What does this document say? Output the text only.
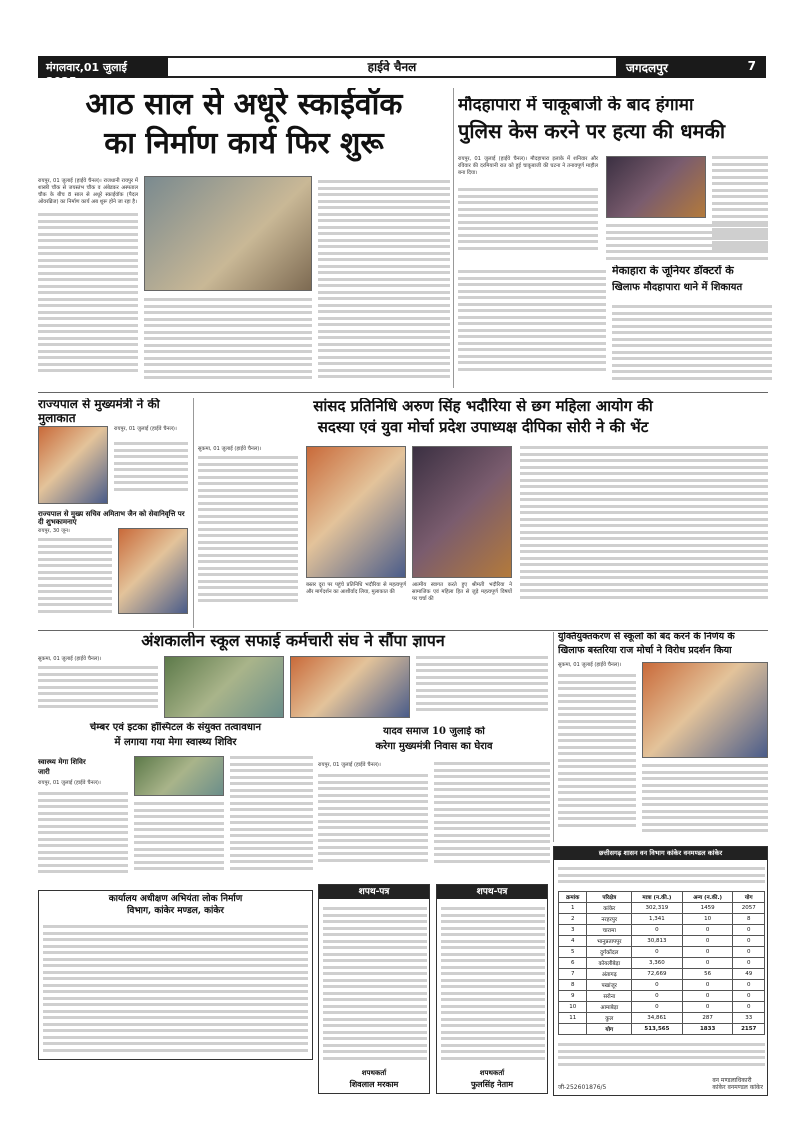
मंगलवार,01 जुलाई 2025
हाईवे चैनल	जगदलपुर	7
आठ साल से अधूरे स्काईवॉक
का निर्माण कार्य फिर शुरू
रायपुर, 01 जुलाई (हाईवे चैनल)। राजधानी रायपुर में शास्त्री चौक से जयस्तंभ चौक व अंबेडकर अस्पताल चौक के बीच 8 साल से अधूरे स्काईवॉक (पैदल ओवरब्रिज) का निर्माण कार्य अब शुरू होने जा रहा है।
मौदहापारा में चाकूबाजी के बाद हंगामा
पुलिस केस करने पर हत्या की धमकी
रायपुर, 01 जुलाई (हाईवे चैनल)। मौदहापारा इलाके में शनिवार और रविवार की दरमियानी रात को हुई चाकूबाजी की घटना ने तनावपूर्ण माहौल बना दिया।
मेकाहारा के जूनियर डॉक्टरों के
खिलाफ मौदहापारा थाने में शिकायत
राज्यपाल से मुख्यमंत्री ने की मुलाकात
रायपुर, 01 जुलाई (हाईवे चैनल)।
राज्यपाल से मुख्य सचिव अमिताभ जैन को सेवानिवृत्ति पर दी शुभकामनाएं
रायपुर, 30 जून।
सांसद प्रतिनिधि अरुण सिंह भदौरिया से छग महिला आयोग की
सदस्या एवं युवा मोर्चा प्रदेश उपाध्यक्ष दीपिका सोरी ने की भेंट
सुकमा, 01 जुलाई (हाईवे चैनल)।
बस्तर दूरा पर पहुंचे प्रतिनिधि भदौरिया से महत्वपूर्ण और मार्गदर्शन का आशीर्वाद लिया, मुलाकात की
आत्मीय स्वागत करते हुए श्रीमती भदौरिया ने सामाजिक एवं महिला हित से जुड़े महत्वपूर्ण विषयों पर चर्चा की
अंशकालीन स्कूल सफाई कर्मचारी संघ ने सौंपा ज्ञापन
सुकमा, 01 जुलाई (हाईवे चैनल)।
युक्तियुक्तकरण से स्कूलों को बंद करने के निर्णय के
खिलाफ बस्तरिया राज मोर्चा ने विरोध प्रदर्शन किया
सुकमा, 01 जुलाई (हाईवे चैनल)।
चेम्बर एवं इटका हॉस्पिटल के संयुक्त तत्वावधान
में लगाया गया मेगा स्वास्थ्य शिविर
स्वास्थ्य मेगा शिविर
जारी
रायपुर, 01 जुलाई (हाईवे चैनल)।
यादव समाज 10 जुलाई को
करेगा मुख्यमंत्री निवास का घेराव
रायपुर, 01 जुलाई (हाईवे चैनल)।
कार्यालय अधीक्षण अभियंता लोक निर्माण
विभाग, कांकेर मण्डल, कांकेर
शपथ-पत्र
शपथकर्ता
शिवलाल मरकाम
शपथ-पत्र
शपथकर्ता
फुलसिंह नेताम
छत्तीसगढ़ शासन वन विभाग कांकेर वनमण्डल कांकेर
क्रमांक	परिक्षेत्र	मात्रा (न.की.)	अन्य (न.की.)	योग
1	कांकेर	302,319	1459	2057
2	नरहरपुर	1,341	10	8
3	चारामा	0	0	0
4	भानुप्रतापपुर	30,813	0	0
5	दुर्गकोंदल	0	0	0
6	कोयलीबेड़ा	3,360	0	0
7	अंतागढ़	72,669	56	49
8	पखांजूर	0	0	0
9	सरोना	0	0	0
10	आमाबेड़ा	0	0	0
11	कुल	34,861	287	33
	योग	513,565	1833	2157
जी-252601876/5
वन मण्डलाधिकारी
कांकेर वनमण्डल कांकेर
